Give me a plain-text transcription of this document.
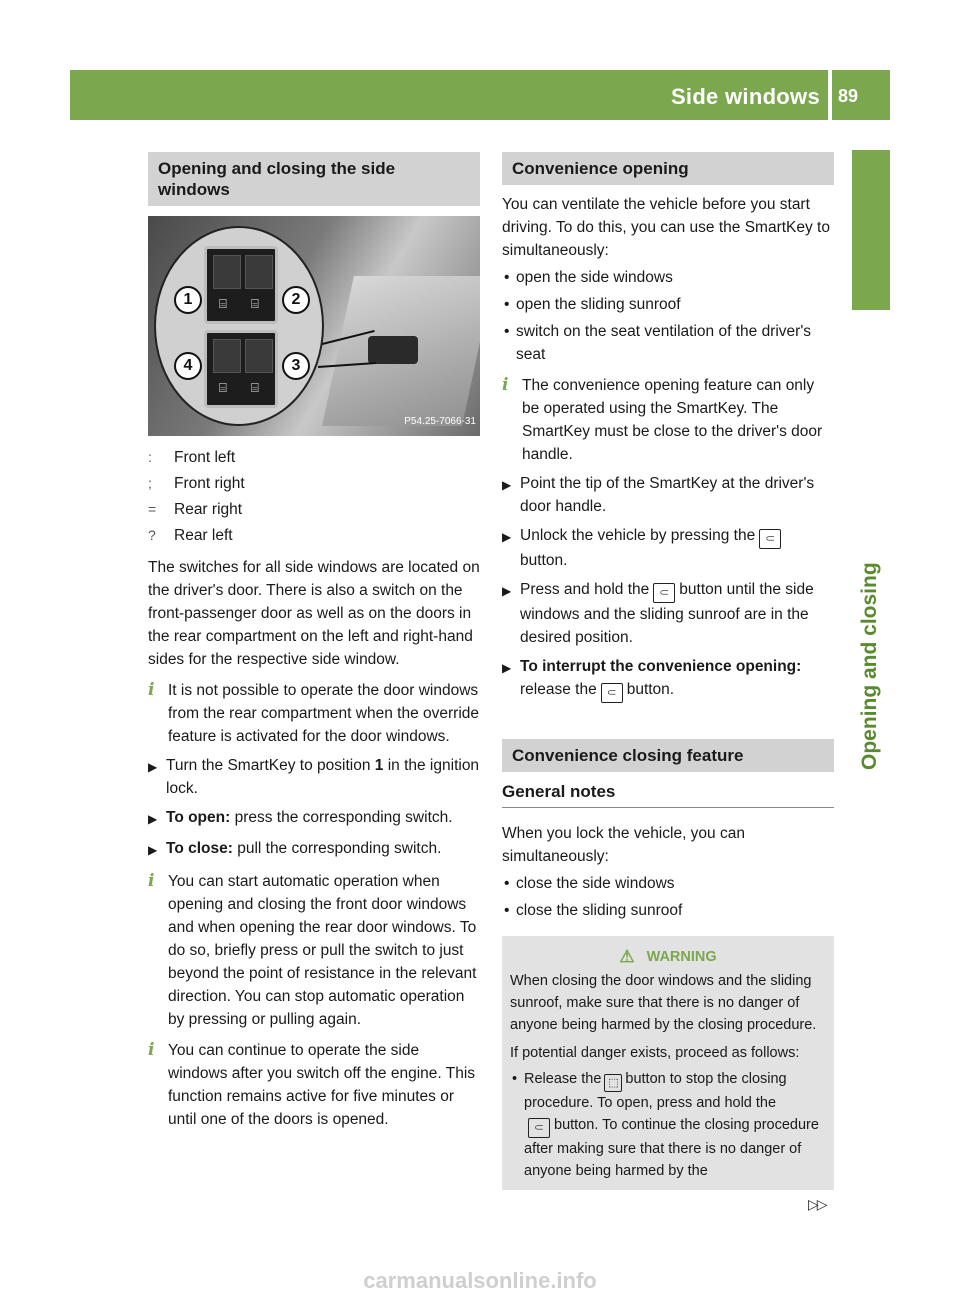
Side windows 89
Opening and closing
Opening and closing the side windows
⌸ ⌸
⌸ ⌸
1	2
3
4
P54.25-7066-31
:	Front left
;	Front right
=	Rear right
?	Rear left
The switches for all side windows are located on the driver's door. There is also a switch on the front-passenger door as well as on the doors in the rear compartment on the left and right-hand sides for the respective side window.
i It is not possible to operate the door windows from the rear compartment when the override feature is activated for the door windows.
▶ Turn the SmartKey to position 1 in the ignition lock.
▶ To open: press the corresponding switch.
▶ To close: pull the corresponding switch.
i You can start automatic operation when opening and closing the front door windows and when opening the rear door windows. To do so, briefly press or pull the switch to just beyond the point of resistance in the relevant direction. You can stop automatic operation by pressing or pulling again.
i You can continue to operate the side windows after you switch off the engine. This function remains active for five minutes or until one of the doors is opened.
Convenience opening
You can ventilate the vehicle before you start driving. To do this, you can use the SmartKey to simultaneously:
• open the side windows
• open the sliding sunroof
• switch on the seat ventilation of the driver's seat
i The convenience opening feature can only be operated using the SmartKey. The SmartKey must be close to the driver's door handle.
▶ Point the tip of the SmartKey at the driver's door handle.
▶ Unlock the vehicle by pressing the ⸦
button.
▶ Press and hold the ⸦ button until the side windows and the sliding sunroof are in the desired position.
▶ To interrupt the convenience opening:
release the ⸦ button.
Convenience closing feature
General notes
When you lock the vehicle, you can simultaneously:
• close the side windows
• close the sliding sunroof
⚠ WARNING
When closing the door windows and the sliding sunroof, make sure that there is no danger of anyone being harmed by the closing procedure.
If potential danger exists, proceed as follows:
• Release the ⬚ button to stop the closing procedure. To open, press and hold the
⸦ button. To continue the closing procedure after making sure that there is no danger of anyone being harmed by the
▷▷
carmanualsonline.info
